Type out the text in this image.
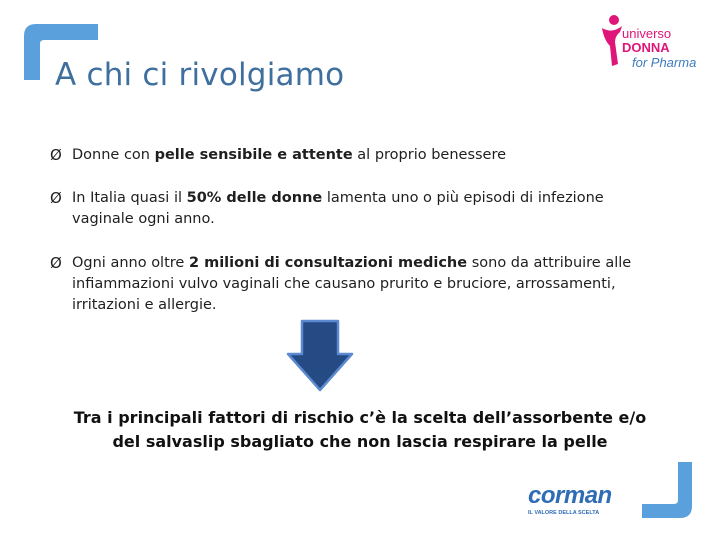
A chi ci rivolgiamo
universo
DONNA
for Pharma
Ø Donne con pelle sensibile e attente al proprio benessere
Ø In Italia quasi il 50% delle donne lamenta uno o più episodi di infezione vaginale ogni anno.
Ø Ogni anno oltre 2 milioni di consultazioni mediche sono da attribuire alle infiammazioni vulvo vaginali che causano prurito e bruciore, arrossamenti, irritazioni e allergie.

Tra i principali fattori di rischio c’è la scelta dell’assorbente e/o del salvaslip sbagliato che non lascia respirare la pelle

corman
IL VALORE DELLA SCELTA
